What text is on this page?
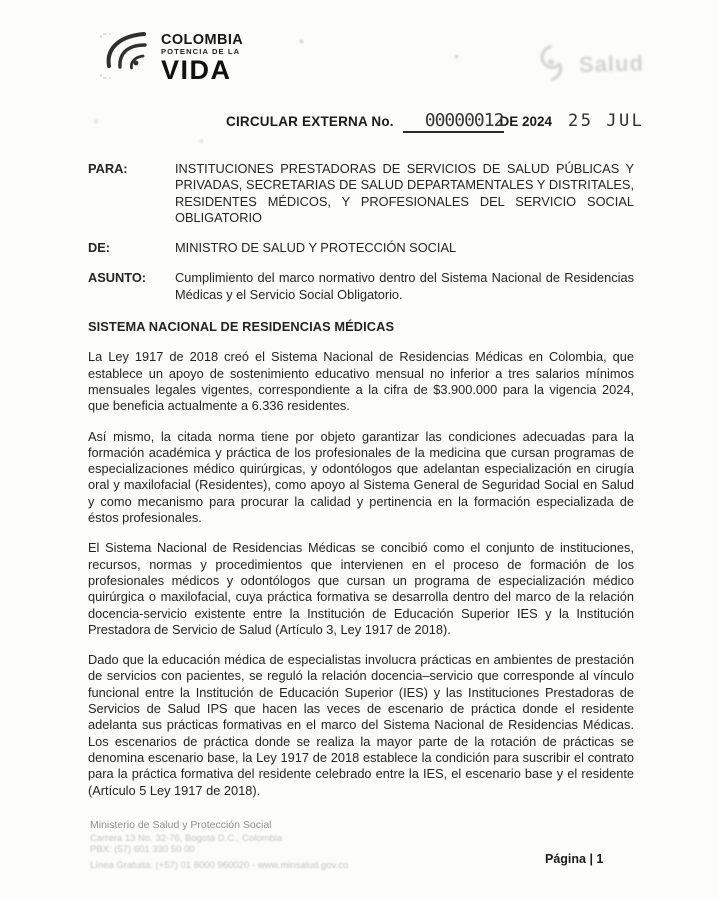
COLOMBIA
POTENCIA DE LA
VIDA	Salud
CIRCULAR EXTERNA No.	00000012
DE 2024 25 JUL
PARA:	INSTITUCIONES PRESTADORAS DE SERVICIOS DE SALUD PÚBLICAS Y PRIVADAS, SECRETARIAS DE SALUD DEPARTAMENTALES Y DISTRITALES, RESIDENTES MÉDICOS, Y PROFESIONALES DEL SERVICIO SOCIAL OBLIGATORIO
DE:	MINISTRO DE SALUD Y PROTECCIÓN SOCIAL
ASUNTO:	Cumplimiento del marco normativo dentro del Sistema Nacional de Residencias Médicas y el Servicio Social Obligatorio.
SISTEMA NACIONAL DE RESIDENCIAS MÉDICAS

La Ley 1917 de 2018 creó el Sistema Nacional de Residencias Médicas en Colombia, que establece un apoyo de sostenimiento educativo mensual no inferior a tres salarios mínimos mensuales legales vigentes, correspondiente a la cifra de $3.900.000 para la vigencia 2024, que beneficia actualmente a 6.336 residentes.

Así mismo, la citada norma tiene por objeto garantizar las condiciones adecuadas para la formación académica y práctica de los profesionales de la medicina que cursan programas de especializaciones médico quirúrgicas, y odontólogos que adelantan especialización en cirugía oral y maxilofacial (Residentes), como apoyo al Sistema General de Seguridad Social en Salud y como mecanismo para procurar la calidad y pertinencia en la formación especializada de éstos profesionales.

El Sistema Nacional de Residencias Médicas se concibió como el conjunto de instituciones, recursos, normas y procedimientos que intervienen en el proceso de formación de los profesionales médicos y odontólogos que cursan un programa de especialización médico quirúrgica o maxilofacial, cuya práctica formativa se desarrolla dentro del marco de la relación docencia-servicio existente entre la Institución de Educación Superior IES y la Institución Prestadora de Servicio de Salud (Artículo 3, Ley 1917 de 2018).

Dado que la educación médica de especialistas involucra prácticas en ambientes de prestación de servicios con pacientes, se reguló la relación docencia–servicio que corresponde al vínculo funcional entre la Institución de Educación Superior (IES) y las Instituciones Prestadoras de Servicios de Salud IPS que hacen las veces de escenario de práctica donde el residente adelanta sus prácticas formativas en el marco del Sistema Nacional de Residencias Médicas. Los escenarios de práctica donde se realiza la mayor parte de la rotación de prácticas se denomina escenario base, la Ley 1917 de 2018 establece la condición para suscribir el contrato para la práctica formativa del residente celebrado entre la IES, el escenario base y el residente (Artículo 5 Ley 1917 de 2018).

Ministerio de Salud y Protección Social
Carrera 13 No. 32-76, Bogotá D.C., Colombia
PBX: (57) 601 330 50 00
Línea Gratuita: (+57) 01 8000 960020 - www.minsalud.gov.co	Página | 1
